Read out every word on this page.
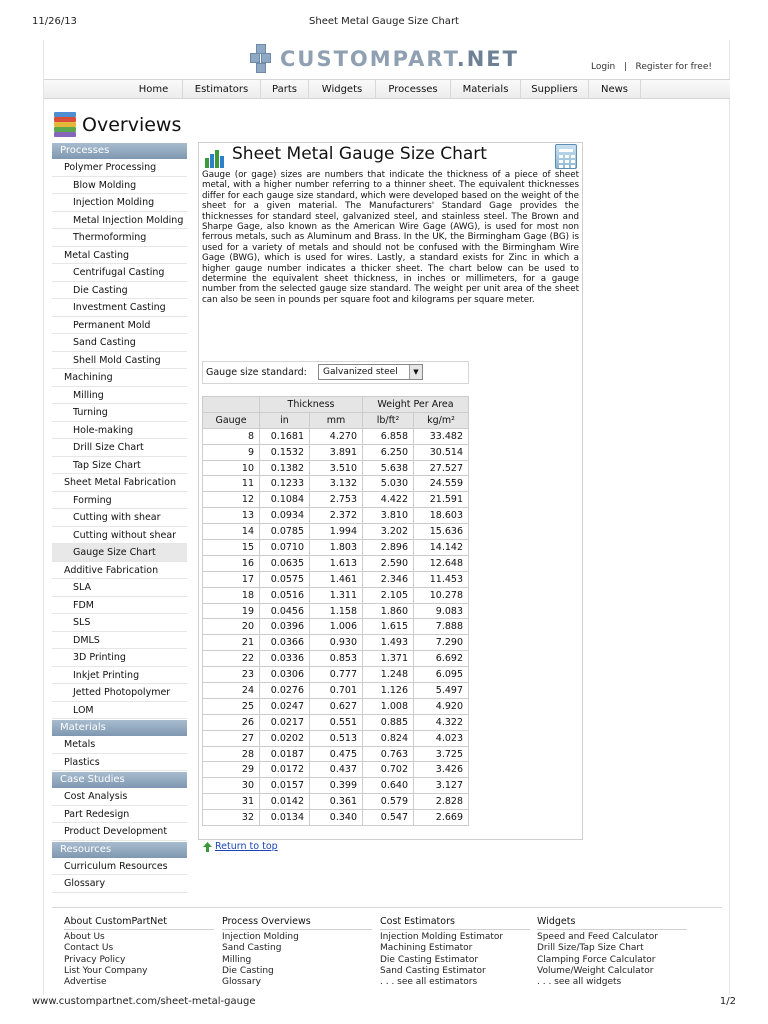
11/26/13	Sheet Metal Gauge Size Chart
CUSTOMPART.NET	Login | Register for free!
Home	Estimators	Parts	Widgets	Processes	Materials	Suppliers	News
Overviews
Processes
Polymer Processing
Blow Molding
Injection Molding
Metal Injection Molding
Thermoforming
Metal Casting
Centrifugal Casting
Die Casting
Investment Casting
Permanent Mold
Sand Casting
Shell Mold Casting
Machining
Milling
Turning
Hole-making
Drill Size Chart
Tap Size Chart
Sheet Metal Fabrication
Forming
Cutting with shear
Cutting without shear
Gauge Size Chart
Additive Fabrication
SLA
FDM
SLS
DMLS
3D Printing
Inkjet Printing
Jetted Photopolymer
LOM
Materials
Metals
Plastics
Case Studies
Cost Analysis
Part Redesign
Product Development
Resources
Curriculum Resources
Glossary
Sheet Metal Gauge Size Chart
Gauge (or gage) sizes are numbers that indicate the thickness of a piece of sheet metal, with a higher number referring to a thinner sheet. The equivalent thicknesses differ for each gauge size standard, which were developed based on the weight of the sheet for a given material. The Manufacturers' Standard Gage provides the thicknesses for standard steel, galvanized steel, and stainless steel. The Brown and Sharpe Gage, also known as the American Wire Gage (AWG), is used for most non ferrous metals, such as Aluminum and Brass. In the UK, the Birmingham Gage (BG) is used for a variety of metals and should not be confused with the Birmingham Wire Gage (BWG), which is used for wires. Lastly, a standard exists for Zinc in which a higher gauge number indicates a thicker sheet. The chart below can be used to determine the equivalent sheet thickness, in inches or millimeters, for a gauge number from the selected gauge size standard. The weight per unit area of the sheet can also be seen in pounds per square foot and kilograms per square meter.
Gauge size standard:	Galvanized steel	▼
	Thickness		Weight Per Area	
Gauge	in	mm	lb/ft²	kg/m²
8	0.1681	4.270	6.858	33.482
9	0.1532	3.891	6.250	30.514
10	0.1382	3.510	5.638	27.527
11	0.1233	3.132	5.030	24.559
12	0.1084	2.753	4.422	21.591
13	0.0934	2.372	3.810	18.603
14	0.0785	1.994	3.202	15.636
15	0.0710	1.803	2.896	14.142
16	0.0635	1.613	2.590	12.648
17	0.0575	1.461	2.346	11.453
18	0.0516	1.311	2.105	10.278
19	0.0456	1.158	1.860	9.083
20	0.0396	1.006	1.615	7.888
21	0.0366	0.930	1.493	7.290
22	0.0336	0.853	1.371	6.692
23	0.0306	0.777	1.248	6.095
24	0.0276	0.701	1.126	5.497
25	0.0247	0.627	1.008	4.920
26	0.0217	0.551	0.885	4.322
27	0.0202	0.513	0.824	4.023
28	0.0187	0.475	0.763	3.725
29	0.0172	0.437	0.702	3.426
30	0.0157	0.399	0.640	3.127
31	0.0142	0.361	0.579	2.828
32	0.0134	0.340	0.547	2.669
Return to top
About CustomPartNet
About Us
Contact Us
Privacy Policy
List Your Company
Advertise
Process Overviews
Injection Molding
Sand Casting
Milling
Die Casting
Glossary
Cost Estimators
Injection Molding Estimator
Machining Estimator
Die Casting Estimator
Sand Casting Estimator
. . . see all estimators
Widgets
Speed and Feed Calculator
Drill Size/Tap Size Chart
Clamping Force Calculator
Volume/Weight Calculator
. . . see all widgets
www.custompartnet.com/sheet-metal-gauge	1/2
